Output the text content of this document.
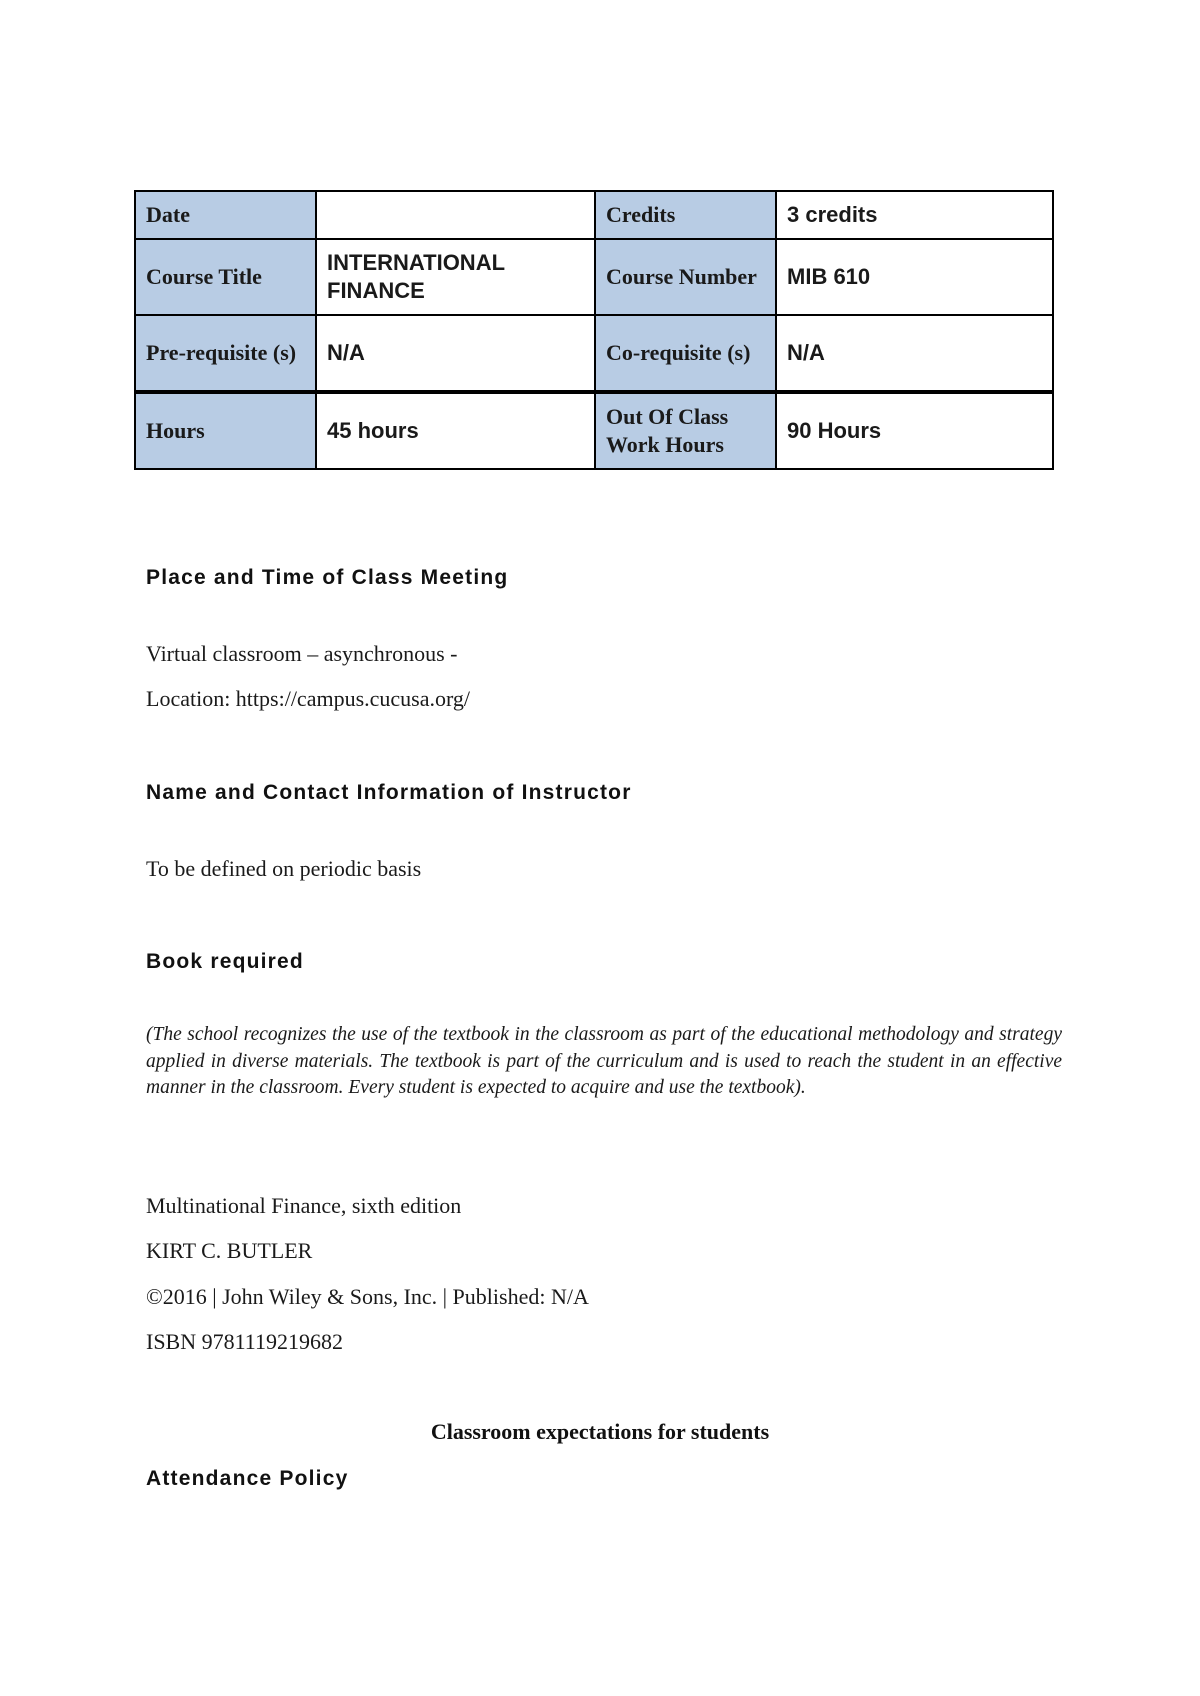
Date		Credits	3 credits
Course Title	INTERNATIONAL FINANCE	Course Number	MIB 610
Pre-requisite (s)	N/A	Co-requisite (s)	N/A
Hours	45 hours	Out Of Class Work Hours	90 Hours
Place and Time of Class Meeting

Virtual classroom – asynchronous -

Location: https://campus.cucusa.org/

Name and Contact Information of Instructor

To be defined on periodic basis

Book required

(The school recognizes the use of the textbook in the classroom as part of the educational methodology and strategy applied in diverse materials. The textbook is part of the curriculum and is used to reach the student in an effective manner in the classroom. Every student is expected to acquire and use the textbook).

Multinational Finance, sixth edition

KIRT C. BUTLER

©2016 | John Wiley & Sons, Inc. | Published: N/A

ISBN 9781119219682

Classroom expectations for students
Attendance Policy
